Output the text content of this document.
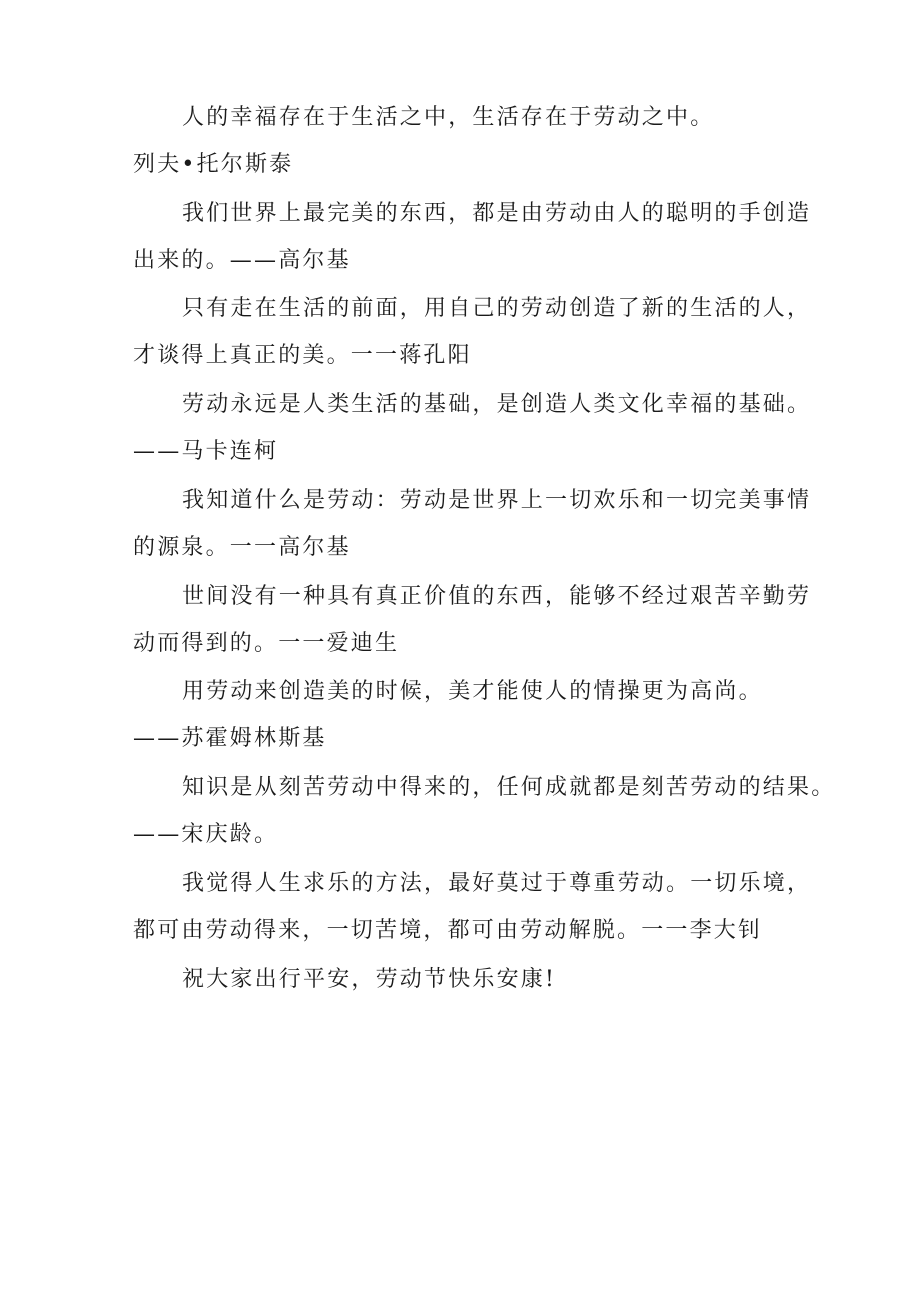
人的幸福存在于生活之中，生活存在于劳动之中。
列夫•托尔斯泰
我们世界上最完美的东西，都是由劳动由人的聪明的手创造
出来的。——高尔基
只有走在生活的前面，用自己的劳动创造了新的生活的人，
才谈得上真正的美。一一蒋孔阳
劳动永远是人类生活的基础，是创造人类文化幸福的基础。
——马卡连柯
我知道什么是劳动：劳动是世界上一切欢乐和一切完美事情
的源泉。一一高尔基
世间没有一种具有真正价值的东西，能够不经过艰苦辛勤劳
动而得到的。一一爱迪生
用劳动来创造美的时候，美才能使人的情操更为高尚。
——苏霍姆林斯基
知识是从刻苦劳动中得来的，任何成就都是刻苦劳动的结果。
——宋庆龄。
我觉得人生求乐的方法，最好莫过于尊重劳动。一切乐境，
都可由劳动得来，一切苦境，都可由劳动解脱。一一李大钊
祝大家出行平安，劳动节快乐安康!
